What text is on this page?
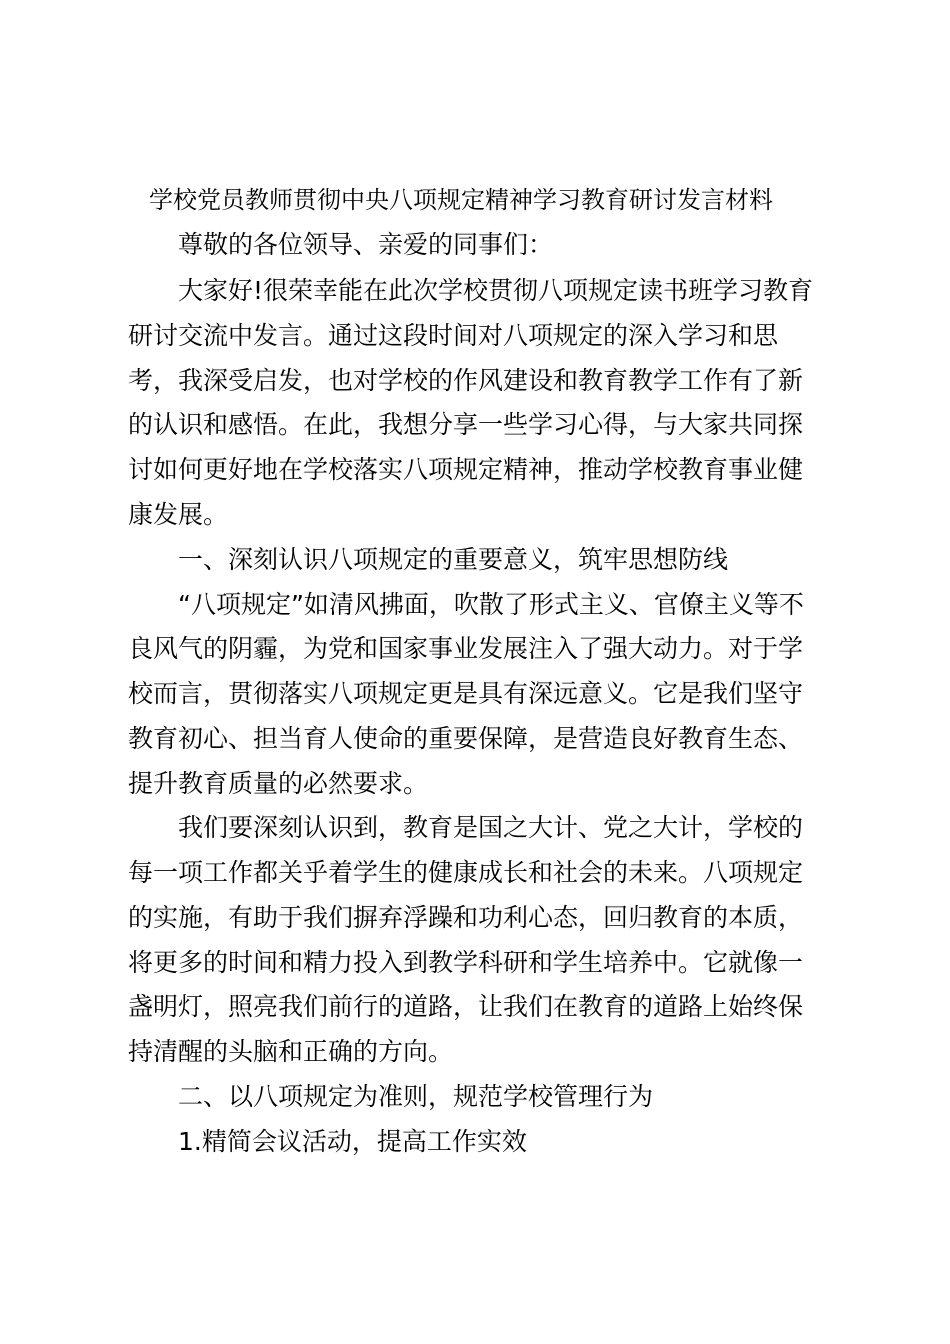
学校党员教师贯彻中央八项规定精神学习教育研讨发言材料
尊敬的各位领导、亲爱的同事们：
大家好!很荣幸能在此次学校贯彻八项规定读书班学习教育
研讨交流中发言。通过这段时间对八项规定的深入学习和思
考，我深受启发，也对学校的作风建设和教育教学工作有了新
的认识和感悟。在此，我想分享一些学习心得，与大家共同探
讨如何更好地在学校落实八项规定精神，推动学校教育事业健
康发展。
一、深刻认识八项规定的重要意义，筑牢思想防线
“八项规定”如清风拂面，吹散了形式主义、官僚主义等不
良风气的阴霾，为党和国家事业发展注入了强大动力。对于学
校而言，贯彻落实八项规定更是具有深远意义。它是我们坚守
教育初心、担当育人使命的重要保障，是营造良好教育生态、
提升教育质量的必然要求。
我们要深刻认识到，教育是国之大计、党之大计，学校的
每一项工作都关乎着学生的健康成长和社会的未来。八项规定
的实施，有助于我们摒弃浮躁和功利心态，回归教育的本质，
将更多的时间和精力投入到教学科研和学生培养中。它就像一
盏明灯，照亮我们前行的道路，让我们在教育的道路上始终保
持清醒的头脑和正确的方向。
二、以八项规定为准则，规范学校管理行为
1.精简会议活动，提高工作实效
